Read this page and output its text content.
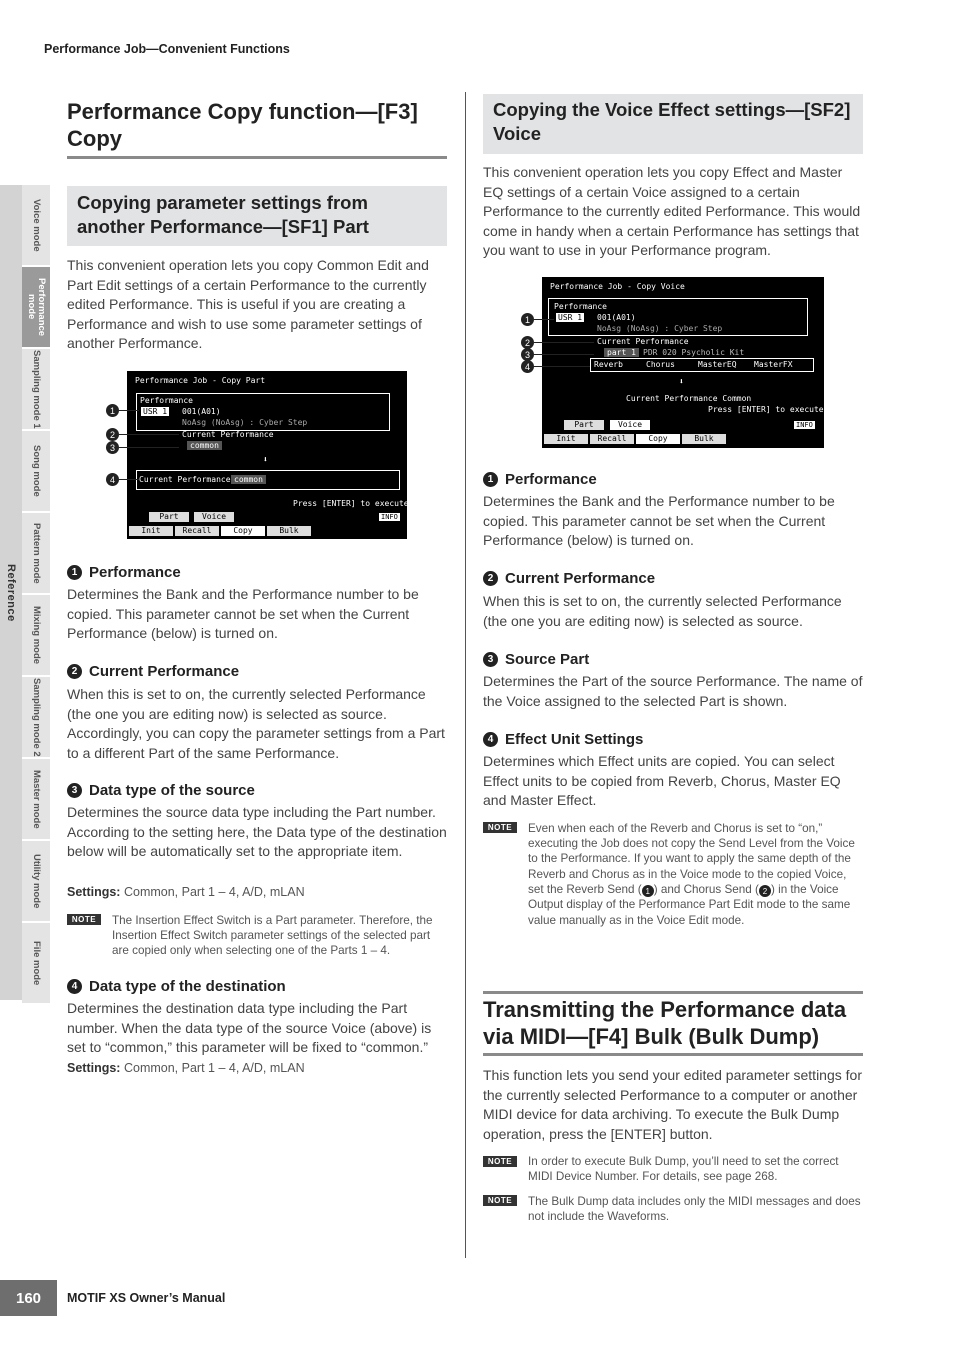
Performance Job—Convenient Functions
Reference
Voice mode
Performance mode
Sampling mode 1
Song mode
Pattern mode
Mixing mode
Sampling mode 2
Master mode
Utility mode
File mode
Performance Copy function—[F3] Copy
Copying parameter settings from another Performance—[SF1] Part
This convenient operation lets you copy Common Edit and Part Edit settings of a certain Performance to the currently edited Performance. This is useful if you are creating a Performance and wish to use some parameter settings of another Performance.
Performance Job - Copy Part
Performance
USR 1 001(A01)
NoAsg (NoAsg) : Cyber Step
Current Performance
common
⬇
Current Performance common
Press [ENTER] to execute.
Part	Voice	INFO
Init	Recall	Copy	Bulk
1
2
3
4
1 Performance
Determines the Bank and the Performance number to be copied. This parameter cannot be set when the Current Performance (below) is turned on.
2 Current Performance
When this is set to on, the currently selected Performance (the one you are editing now) is selected as source. Accordingly, you can copy the parameter settings from a Part to a different Part of the same Performance.
3 Data type of the source
Determines the source data type including the Part number. According to the setting here, the Data type of the destination below will be automatically set to the appropriate item.
Settings: Common, Part 1 – 4, A/D, mLAN
NOTE	The Insertion Effect Switch is a Part parameter. Therefore, the Insertion Effect Switch parameter settings of the selected part are copied only when selecting one of the Parts 1 – 4.
4 Data type of the destination
Determines the destination data type including the Part number. When the data type of the source Voice (above) is set to “common,” this parameter will be fixed to “common.”
Settings: Common, Part 1 – 4, A/D, mLAN
Copying the Voice Effect settings—[SF2] Voice
This convenient operation lets you copy Effect and Master EQ settings of a certain Voice assigned to a certain Performance to the currently edited Performance. This would come in handy when a certain Performance has settings that you want to use in your Performance program.
Performance Job - Copy Voice
Performance
USR 1 001(A01)
NoAsg (NoAsg) : Cyber Step
Current Performance
part 1 PDR 020 Psycholic Kit
Reverb	Chorus	MasterEQ MasterFX
⬇
Current Performance Common
Press [ENTER] to execute.
Part	Voice	INFO
Init	Recall	Copy	Bulk
1
2
3
4
1 Performance
Determines the Bank and the Performance number to be copied. This parameter cannot be set when the Current Performance (below) is turned on.
2 Current Performance
When this is set to on, the currently selected Performance (the one you are editing now) is selected as source.
3 Source Part
Determines the Part of the source Performance. The name of the Voice assigned to the selected Part is shown.
4 Effect Unit Settings
Determines which Effect units are copied. You can select Effect units to be copied from Reverb, Chorus, Master EQ and Master Effect.
NOTE	Even when each of the Reverb and Chorus is set to “on,” executing the Job does not copy the Send Level from the Voice to the Performance. If you want to apply the same depth of the Reverb and Chorus as in the Voice mode to the copied Voice, set the Reverb Send ( 1 ) and Chorus Send ( 2 ) in the Voice Output display of the Performance Part Edit mode to the same value manually as in the Voice Edit mode.
Transmitting the Performance data via MIDI—[F4] Bulk (Bulk Dump)
This function lets you send your edited parameter settings for the currently selected Performance to a computer or another MIDI device for data archiving. To execute the Bulk Dump operation, press the [ENTER] button.
NOTE	In order to execute Bulk Dump, you’ll need to set the correct MIDI Device Number. For details, see page 268.
NOTE	The Bulk Dump data includes only the MIDI messages and does not include the Waveforms.
160	MOTIF XS Owner’s Manual
